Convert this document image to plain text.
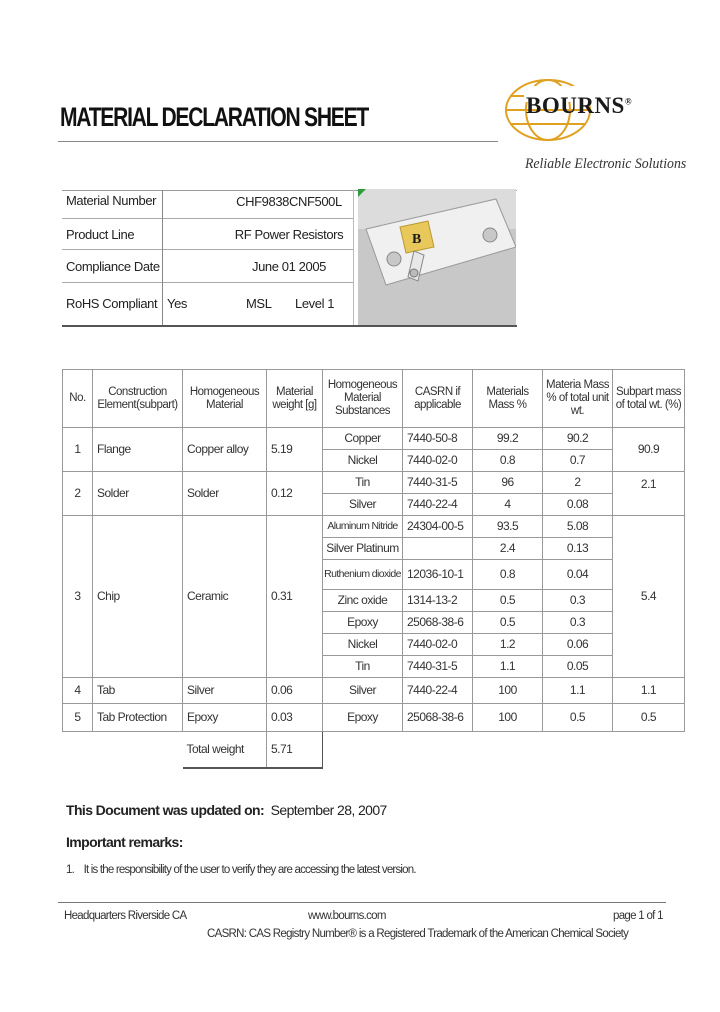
MATERIAL DECLARATION SHEET	BOURNS®
Reliable Electronic Solutions
Material Number	CHF9838CNF500L
Product Line	RF Power Resistors
Compliance Date	June 01 2005
RoHS Compliant Yes	MSL Level 1
B
No.	Construction Element(subpart)	Homogeneous Material	Material weight [g]	Homogeneous Material Substances	CASRN if applicable	Materials Mass %	Materia Mass % of total unit wt.	Subpart mass of total wt. (%)
1	Flange	Copper alloy	5.19	Copper	7440-50-8	99.2	90.2	90.9
				Nickel	7440-02-0	0.8	0.7	
2	Solder	Solder	0.12	Tin	7440-31-5	96	2	2.1
				Silver	7440-22-4	4	0.08	
3	Chip	Ceramic	0.31	Aluminum Nitride	24304-00-5	93.5	5.08	5.4
				Silver Platinum		2.4	0.13	
				Ruthenium dioxide	12036-10-1	0.8	0.04	
				Zinc oxide	1314-13-2	0.5	0.3	
				Epoxy	25068-38-6	0.5	0.3	
				Nickel	7440-02-0	1.2	0.06	
				Tin	7440-31-5	1.1	0.05	
4	Tab	Silver	0.06	Silver	7440-22-4	100	1.1	1.1
5	Tab Protection	Epoxy	0.03	Epoxy	25068-38-6	100	0.5	0.5
		Total weight	5.71					
This Document was updated on: September 28, 2007
Important remarks:
1. It is the responsibility of the user to verify they are accessing the latest version.
Headquarters Riverside CA	www.bourns.com	page 1 of 1
CASRN: CAS Registry Number® is a Registered Trademark of the American Chemical Society
